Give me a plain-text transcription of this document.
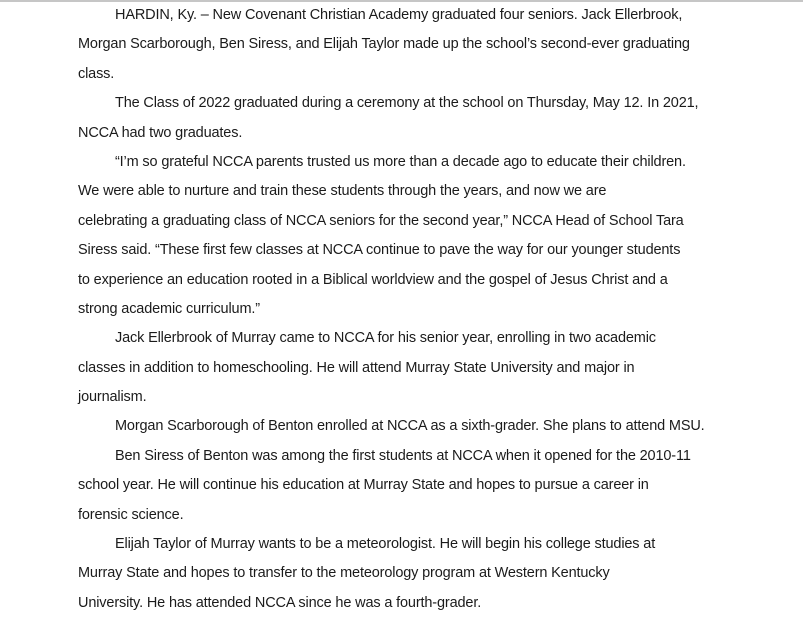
HARDIN, Ky. – New Covenant Christian Academy graduated four seniors. Jack Ellerbrook,
Morgan Scarborough, Ben Siress, and Elijah Taylor made up the school’s second-ever graduating
class.

The Class of 2022 graduated during a ceremony at the school on Thursday, May 12. In 2021,
NCCA had two graduates.

“I’m so grateful NCCA parents trusted us more than a decade ago to educate their children.
We were able to nurture and train these students through the years, and now we are
celebrating a graduating class of NCCA seniors for the second year,” NCCA Head of School Tara
Siress said. “These first few classes at NCCA continue to pave the way for our younger students
to experience an education rooted in a Biblical worldview and the gospel of Jesus Christ and a
strong academic curriculum.”

Jack Ellerbrook of Murray came to NCCA for his senior year, enrolling in two academic
classes in addition to homeschooling. He will attend Murray State University and major in
journalism.

Morgan Scarborough of Benton enrolled at NCCA as a sixth-grader. She plans to attend MSU.

Ben Siress of Benton was among the first students at NCCA when it opened for the 2010-11
school year. He will continue his education at Murray State and hopes to pursue a career in
forensic science.

Elijah Taylor of Murray wants to be a meteorologist. He will begin his college studies at
Murray State and hopes to transfer to the meteorology program at Western Kentucky
University. He has attended NCCA since he was a fourth-grader.
